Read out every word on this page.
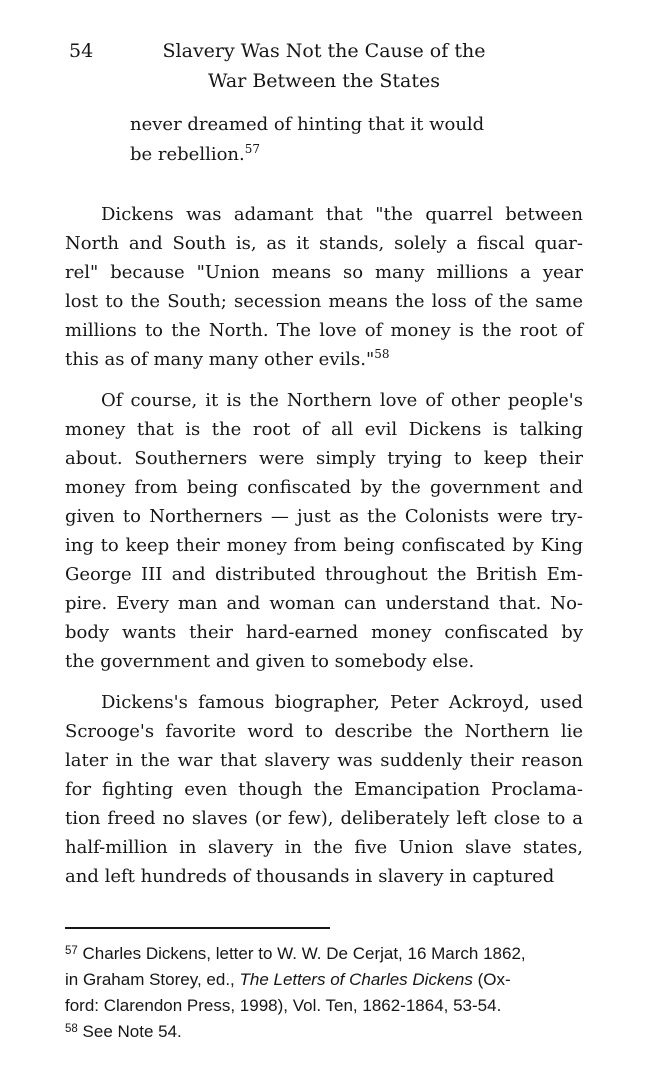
54	Slavery Was Not the Cause of the
War Between the States
never dreamed of hinting that it would
be rebellion.$^{57}$
Dickens was adamant that "the quarrel between
North and South is, as it stands, solely a fiscal quar-
rel" because "Union means so many millions a year
lost to the South; secession means the loss of the same
millions to the North. The love of money is the root of
this as of many many other evils."$^{58}$
Of course, it is the Northern love of other people's
money that is the root of all evil Dickens is talking
about. Southerners were simply trying to keep their
money from being confiscated by the government and
given to Northerners — just as the Colonists were try-
ing to keep their money from being confiscated by King
George III and distributed throughout the British Em-
pire. Every man and woman can understand that. No-
body wants their hard-earned money confiscated by
the government and given to somebody else.
Dickens's famous biographer, Peter Ackroyd, used
Scrooge's favorite word to describe the Northern lie
later in the war that slavery was suddenly their reason
for fighting even though the Emancipation Proclama-
tion freed no slaves (or few), deliberately left close to a
half-million in slavery in the five Union slave states,
and left hundreds of thousands in slavery in captured
$^{57}$ Charles Dickens, letter to W. W. De Cerjat, 16 March 1862,
in Graham Storey, ed., The Letters of Charles Dickens (Ox-
ford: Clarendon Press, 1998), Vol. Ten, 1862-1864, 53-54.
$^{58}$ See Note 54.
